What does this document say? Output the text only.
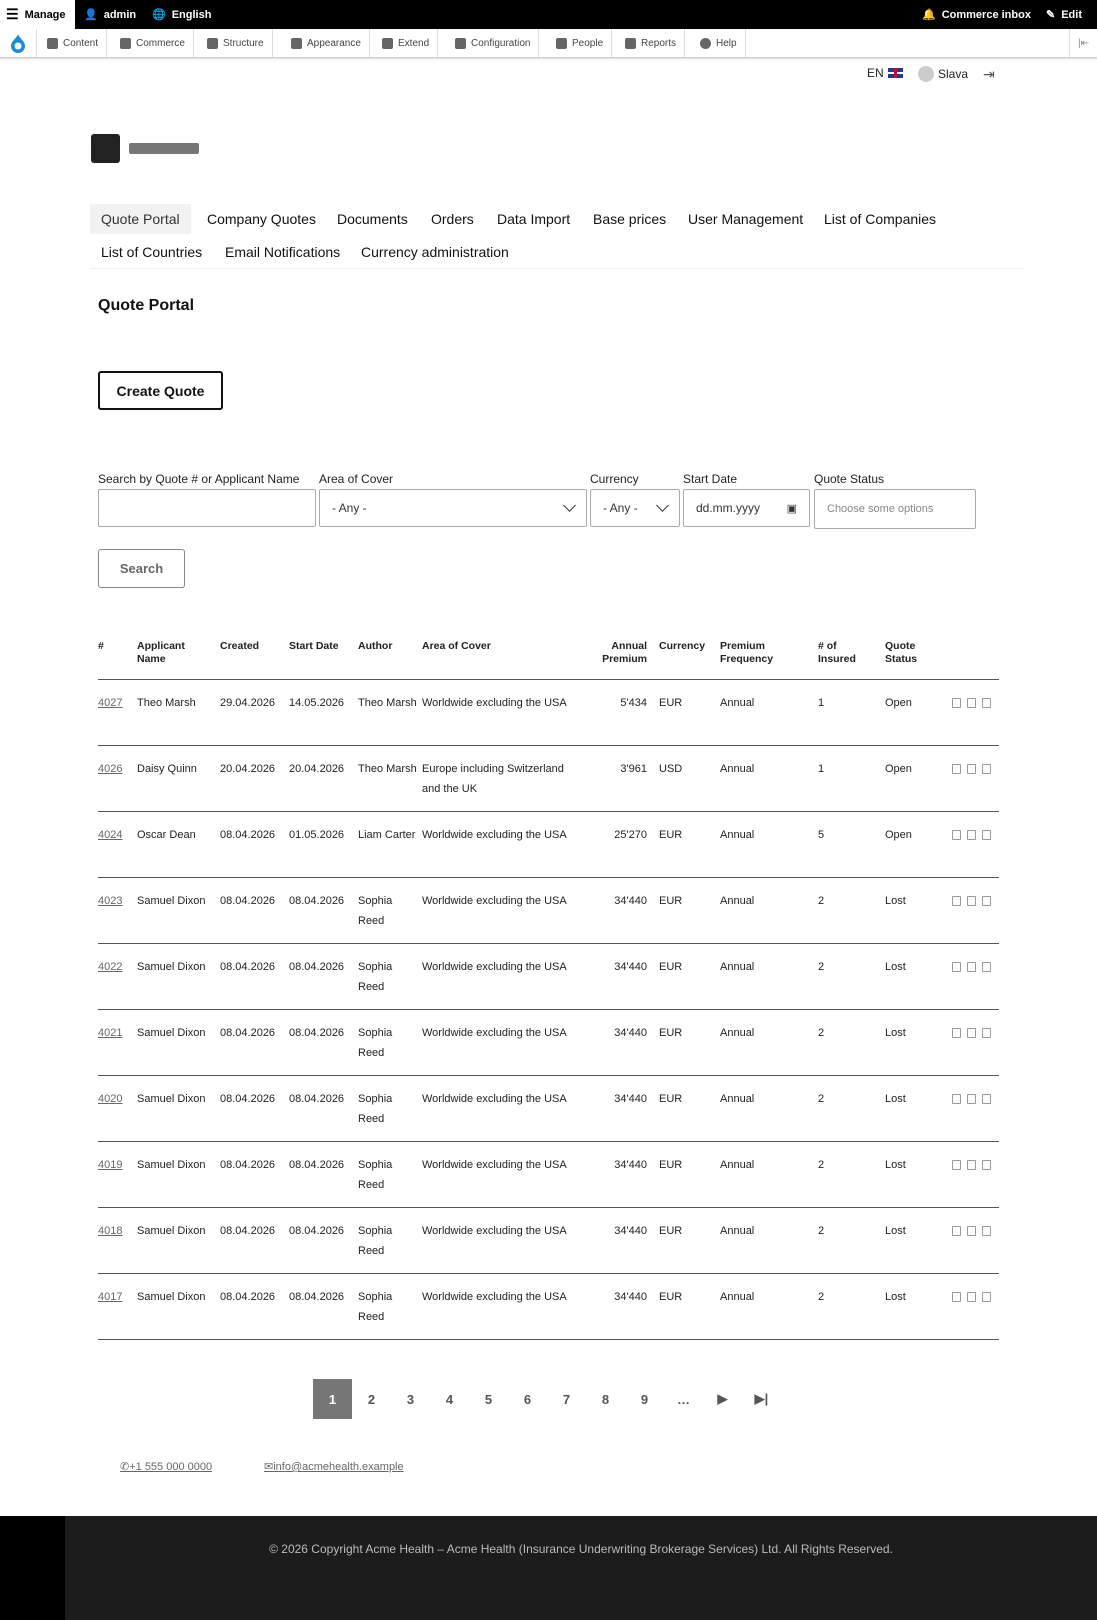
☰ Manage 👤 admin 🌐 English	🔔 Commerce inbox ✎ Edit
Content	Commerce	Structure	Appearance	Extend	Configuration	People	Reports	Help	|⇤
EN	Slava ⇥
Quote Portal	Company Quotes	Documents	Orders	Data Import	Base prices	User Management	List of Companies
List of Countries	Email Notifications	Currency administration
Quote Portal
Create Quote
Search by Quote # or Applicant Name Area of Cover
- Any -
Currency
- Any -
Start Date
dd.mm.yyyy ▣
Quote Status
Choose some options
Search
#	Applicant Name
Created	Start Date Author	Area of Cover	Annual Premium
Currency Premium Frequency
# of Insured
Quote Status
4027	Theo Marsh	29.04.2026	14.05.2026	Theo Marsh Worldwide excluding the USA	5'434 EUR	Annual	1	Open
4026	Daisy Quinn	20.04.2026	20.04.2026	Theo Marsh Europe including Switzerland and the UK
3'961 USD	Annual	1	Open
4024	Oscar Dean	08.04.2026	01.05.2026	Liam Carter Worldwide excluding the USA	25'270 EUR	Annual	5	Open
4023	Samuel Dixon	08.04.2026	08.04.2026	Sophia Reed
Worldwide excluding the USA	34'440 EUR	Annual	2	Lost
4022	Samuel Dixon	08.04.2026	08.04.2026	Sophia Reed
Worldwide excluding the USA	34'440 EUR	Annual	2	Lost
4021	Samuel Dixon	08.04.2026	08.04.2026	Sophia Reed
Worldwide excluding the USA	34'440 EUR	Annual	2	Lost
4020	Samuel Dixon	08.04.2026	08.04.2026	Sophia Reed
Worldwide excluding the USA	34'440 EUR	Annual	2	Lost
4019	Samuel Dixon	08.04.2026	08.04.2026	Sophia Reed
Worldwide excluding the USA	34'440 EUR	Annual	2	Lost
4018	Samuel Dixon	08.04.2026	08.04.2026	Sophia Reed
Worldwide excluding the USA	34'440 EUR	Annual	2	Lost
4017	Samuel Dixon	08.04.2026	08.04.2026	Sophia Reed
Worldwide excluding the USA	34'440 EUR	Annual	2	Lost
1	2	3	4	5	6	7	8	9	…	▶	▶|
✆+1 555 000 0000	✉info@acmehealth.example
© 2026 Copyright Acme Health – Acme Health (Insurance Underwriting Brokerage Services) Ltd. All Rights Reserved.
